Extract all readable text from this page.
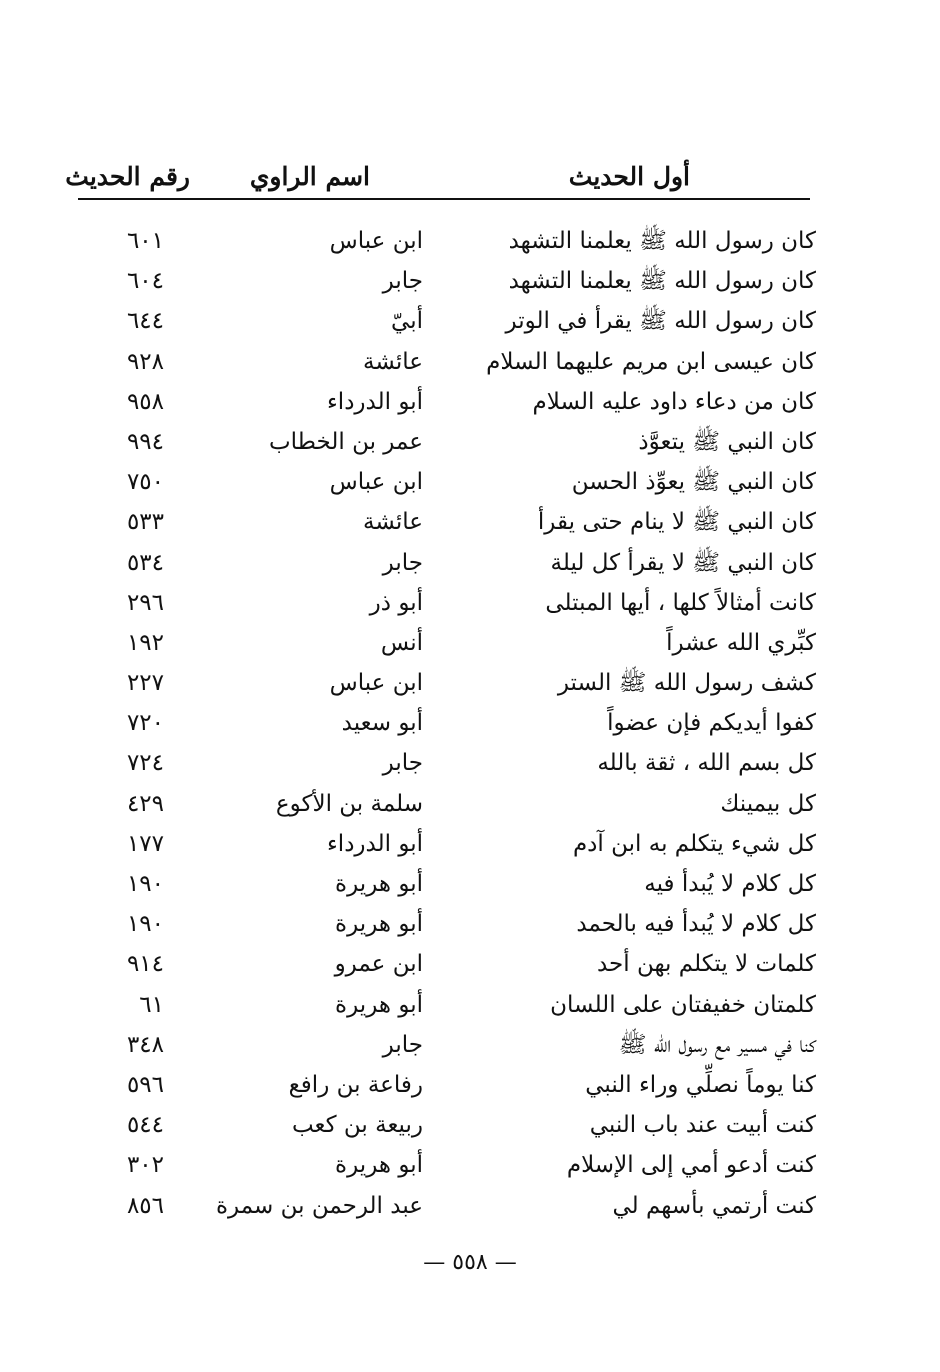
أول الحديث
اسم الراوي
رقم الحديث
كان رسول الله ﷺ يعلمنا التشهد
ابن عباس
٦٠١
كان رسول الله ﷺ يعلمنا التشهد
جابر
٦٠٤
كان رسول الله ﷺ يقرأ في الوتر
أبيّ
٦٤٤
كان عيسى ابن مريم عليهما السلام
عائشة
٩٢٨
كان من دعاء داود عليه السلام
أبو الدرداء
٩٥٨
كان النبي ﷺ يتعوَّذ
عمر بن الخطاب
٩٩٤
كان النبي ﷺ يعوِّذ الحسن
ابن عباس
٧٥٠
كان النبي ﷺ لا ينام حتى يقرأ
عائشة
٥٣٣
كان النبي ﷺ لا يقرأ كل ليلة
جابر
٥٣٤
كانت أمثالاً كلها ، أيها المبتلى
أبو ذر
٢٩٦
كبِّري الله عشراً
أنس
١٩٢
كشف رسول الله ﷺ الستر
ابن عباس
٢٢٧
كفوا أيديكم فإن عضواً
أبو سعيد
٧٢٠
كل بسم الله ، ثقة بالله
جابر
٧٢٤
كل بيمينك
سلمة بن الأكوع
٤٢٩
كل شيء يتكلم به ابن آدم
أبو الدرداء
١٧٧
كل كلام لا يُبدأ فيه
أبو هريرة
١٩٠
كل كلام لا يُبدأ فيه بالحمد
أبو هريرة
١٩٠
كلمات لا يتكلم بهن أحد
ابن عمرو
٩١٤
كلمتان خفيفتان على اللسان
أبو هريرة
٦١
كنا في مسير مع رسول الله ﷺ
جابر
٣٤٨
كنا يوماً نصلِّي وراء النبي
رفاعة بن رافع
٥٩٦
كنت أبيت عند باب النبي
ربيعة بن كعب
٥٤٤
كنت أدعو أمي إلى الإسلام
أبو هريرة
٣٠٢
كنت أرتمي بأسهم لي
عبد الرحمن بن سمرة
٨٥٦
— ٥٥٨ —
